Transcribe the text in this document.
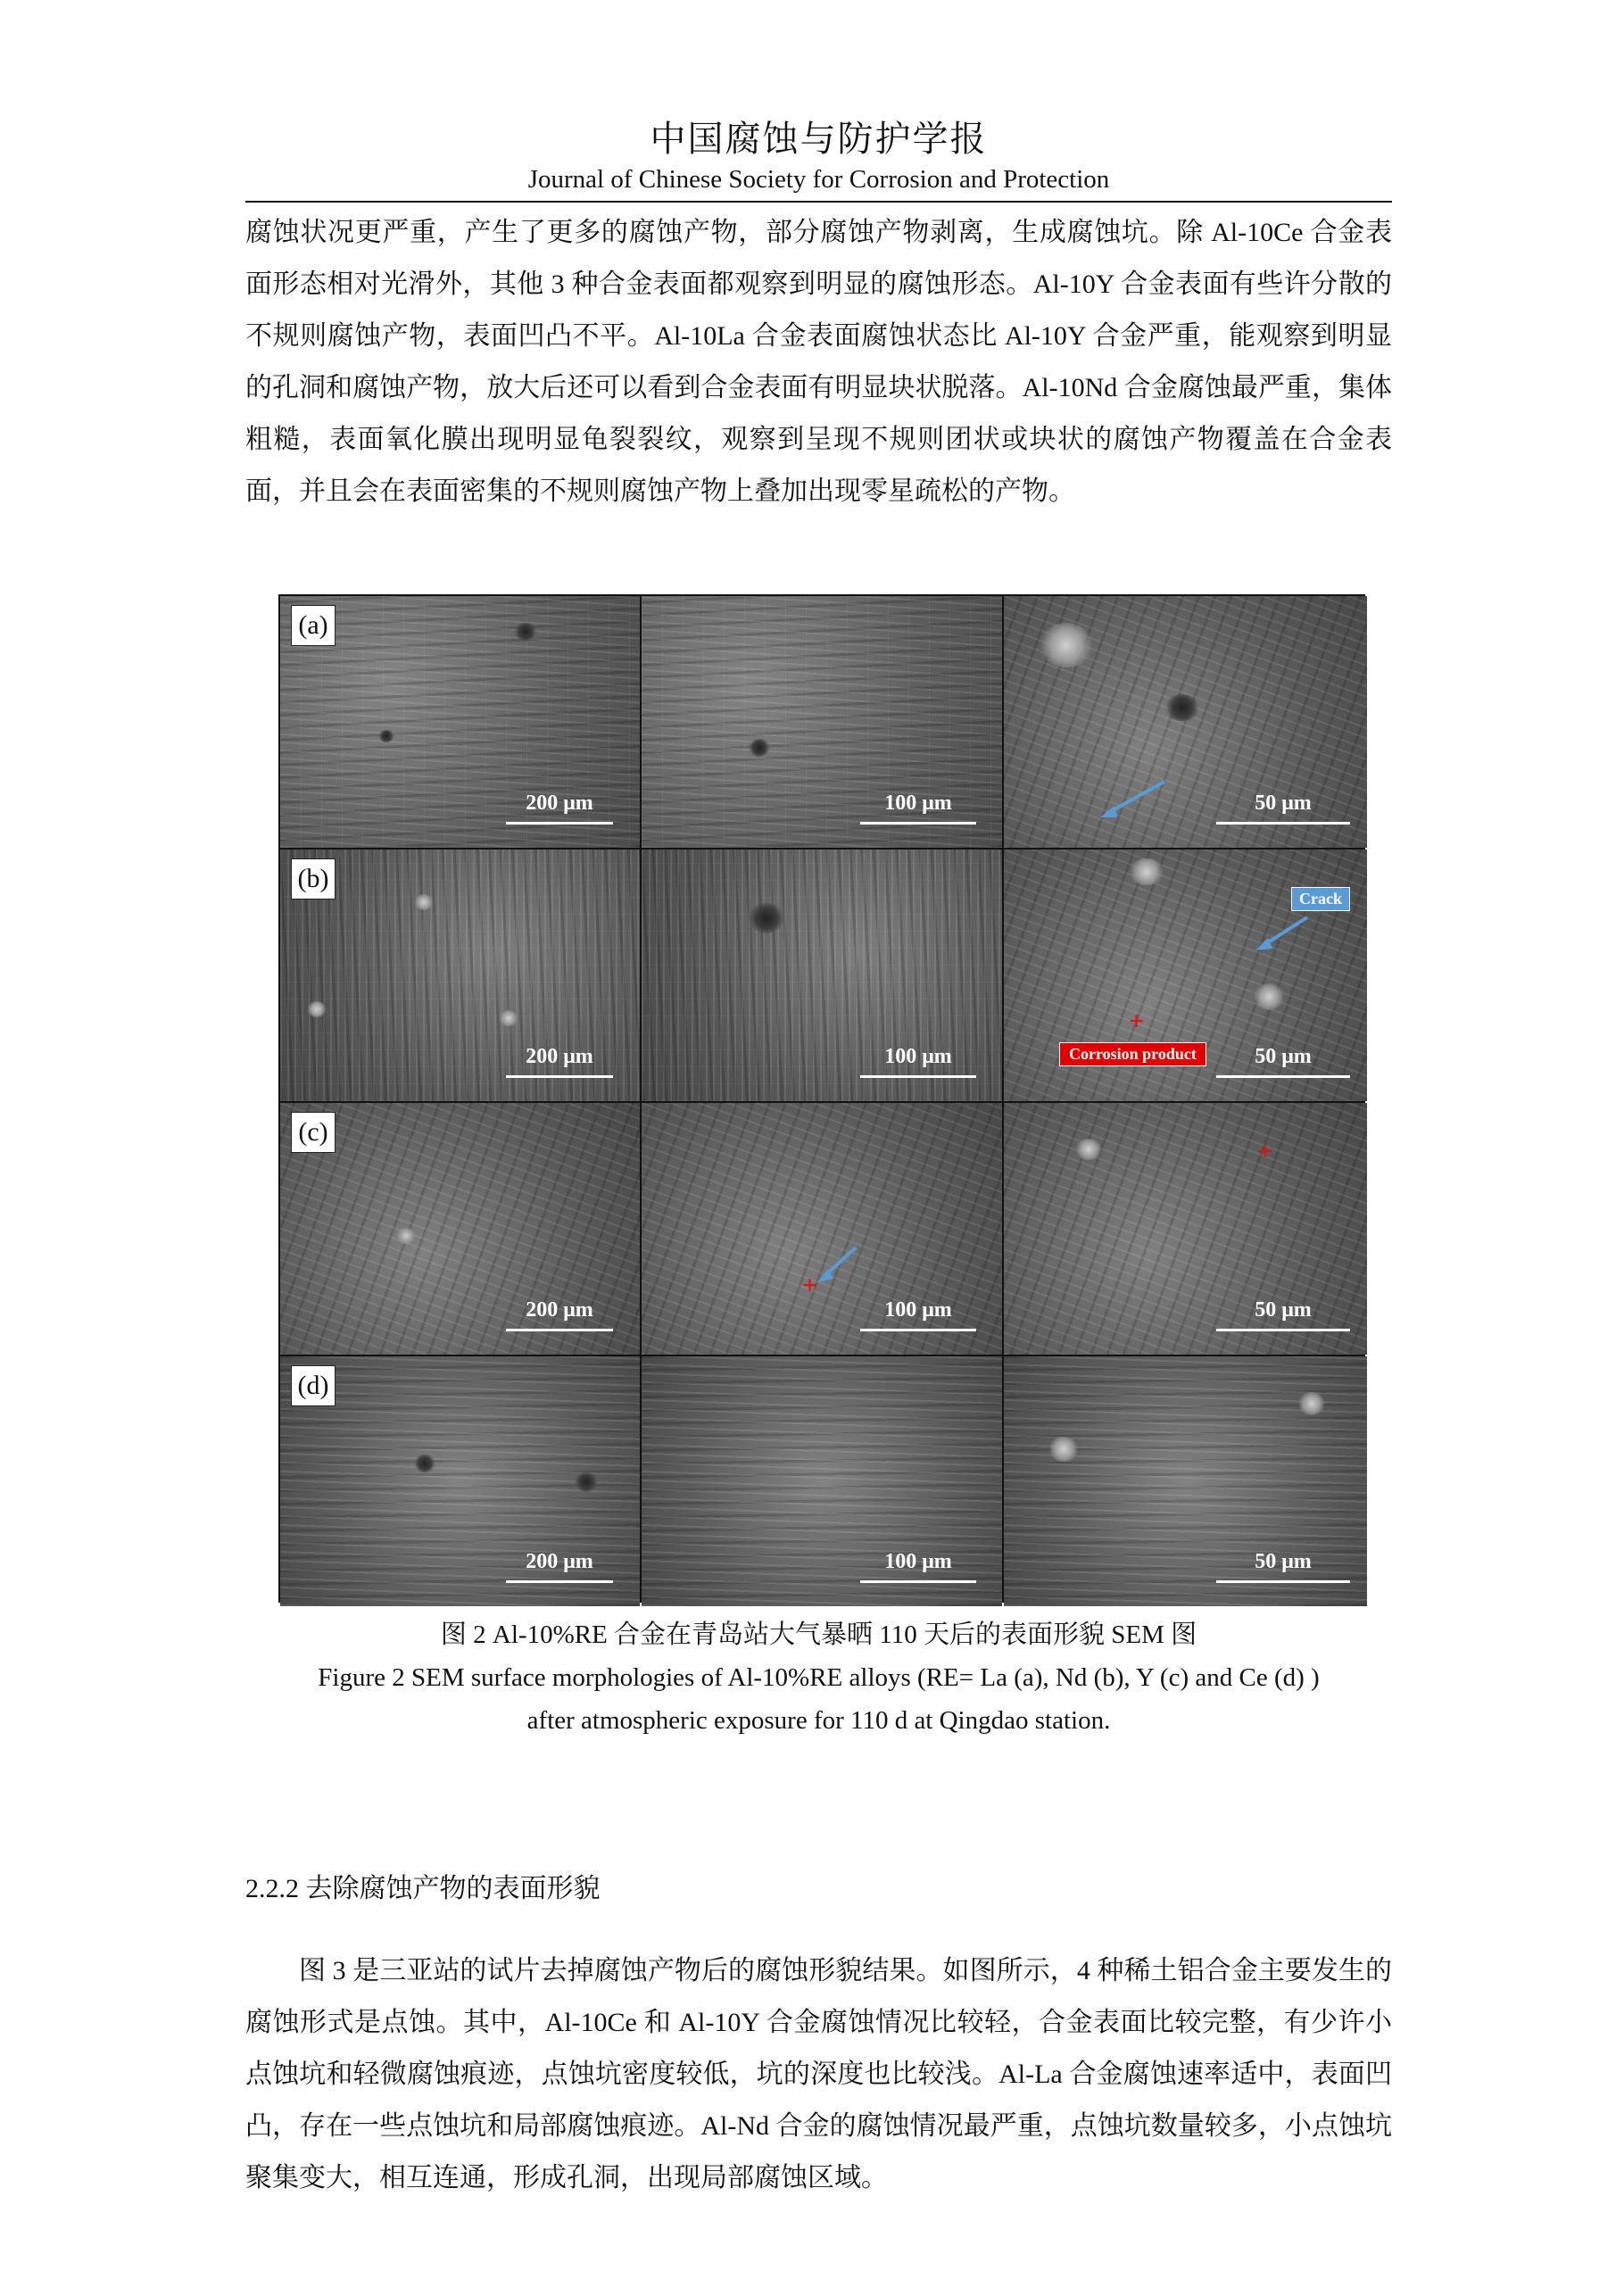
中国腐蚀与防护学报
Journal of Chinese Society for Corrosion and Protection

腐蚀状况更严重，产生了更多的腐蚀产物，部分腐蚀产物剥离，生成腐蚀坑。除 Al-10Ce 合金表面形态相对光滑外，其他 3 种合金表面都观察到明显的腐蚀形态。Al-10Y 合金表面有些许分散的不规则腐蚀产物，表面凹凸不平。Al-10La 合金表面腐蚀状态比 Al-10Y 合金严重，能观察到明显的孔洞和腐蚀产物，放大后还可以看到合金表面有明显块状脱落。Al-10Nd 合金腐蚀最严重，集体粗糙，表面氧化膜出现明显龟裂裂纹，观察到呈现不规则团状或块状的腐蚀产物覆盖在合金表面，并且会在表面密集的不规则腐蚀产物上叠加出现零星疏松的产物。

(a)
200 μm	100 μm	50 μm
(b)
200 μm	100 μm
Crack
+
Corrosion product	50 μm
(c)
200 μm
+
100 μm
+
50 μm
(d)
200 μm	100 μm	50 μm

图 2 Al-10%RE 合金在青岛站大气暴晒 110 天后的表面形貌 SEM 图

Figure 2 SEM surface morphologies of Al-10%RE alloys (RE= La (a), Nd (b), Y (c) and Ce (d) )

after atmospheric exposure for 110 d at Qingdao station.

2.2.2 去除腐蚀产物的表面形貌

图 3 是三亚站的试片去掉腐蚀产物后的腐蚀形貌结果。如图所示，4 种稀土铝合金主要发生的腐蚀形式是点蚀。其中，Al-10Ce 和 Al-10Y 合金腐蚀情况比较轻，合金表面比较完整，有少许小点蚀坑和轻微腐蚀痕迹，点蚀坑密度较低，坑的深度也比较浅。Al-La 合金腐蚀速率适中，表面凹凸，存在一些点蚀坑和局部腐蚀痕迹。Al-Nd 合金的腐蚀情况最严重，点蚀坑数量较多，小点蚀坑聚集变大，相互连通，形成孔洞，出现局部腐蚀区域。
